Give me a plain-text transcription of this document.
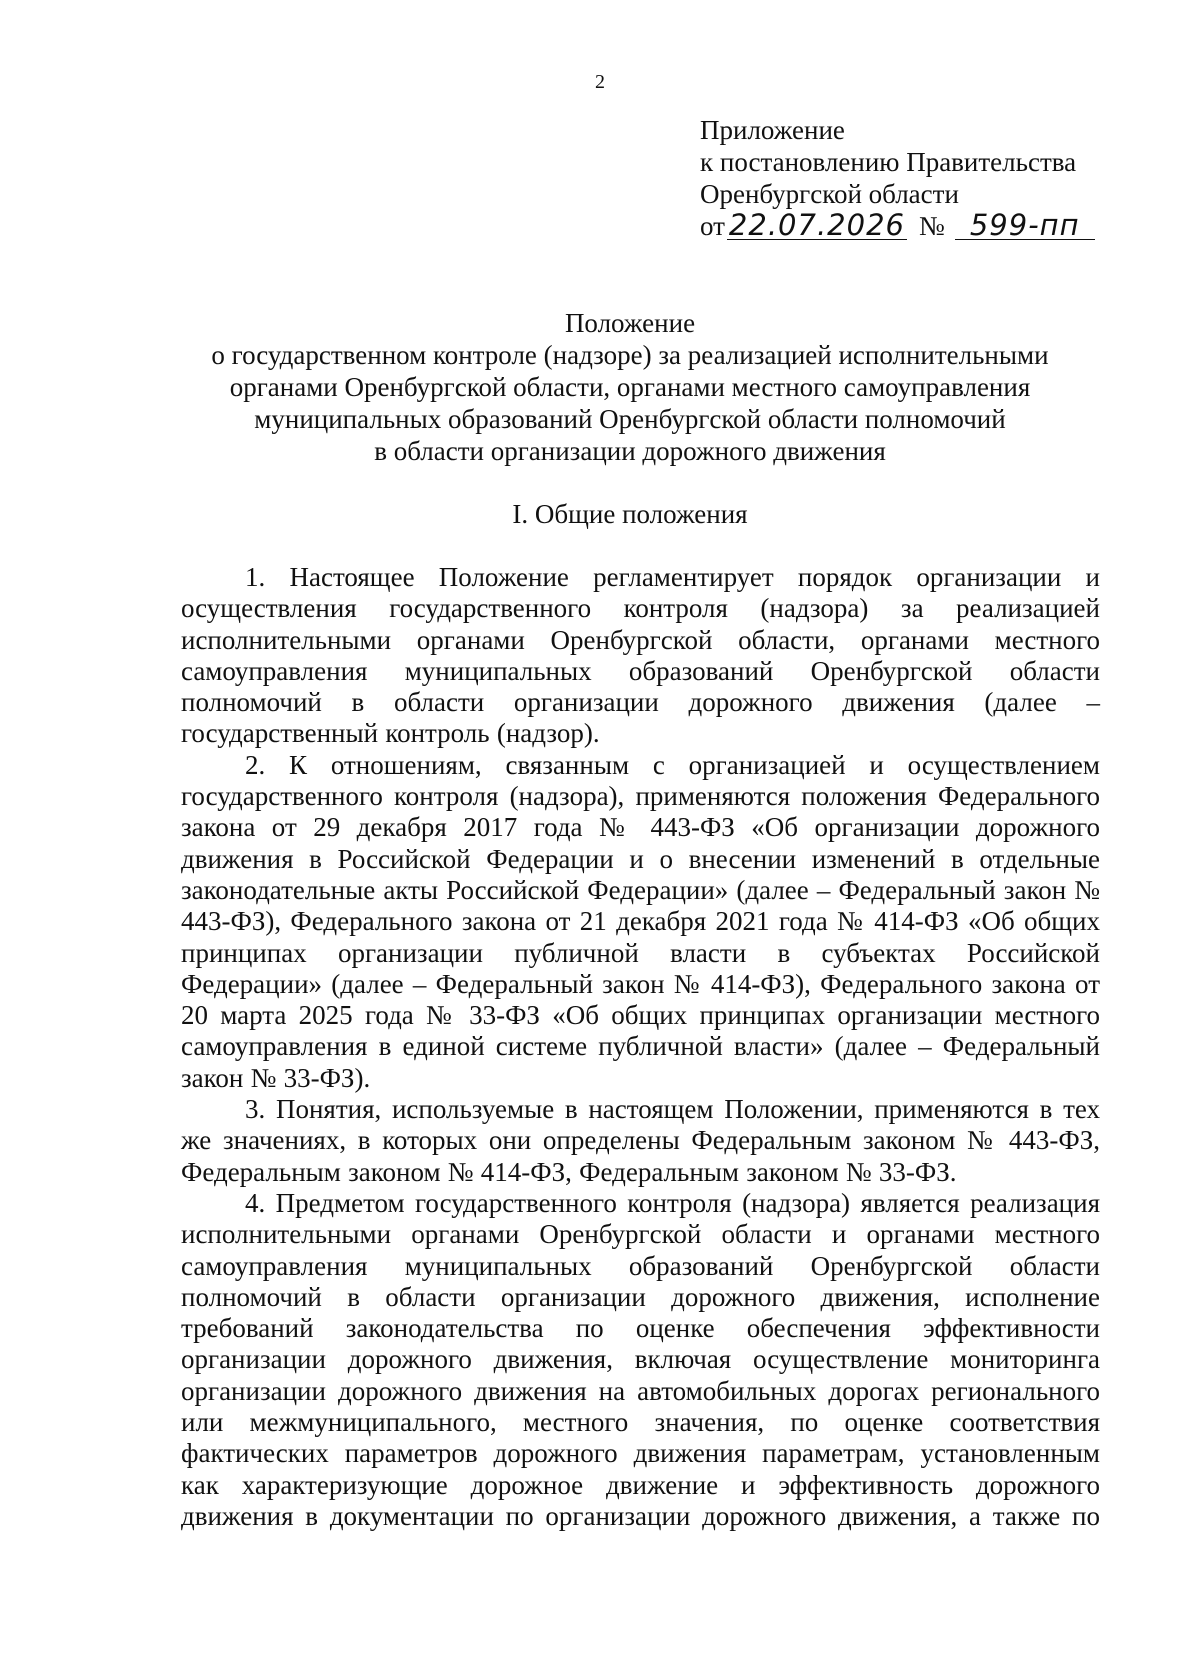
2
Приложение
к постановлению Правительства
Оренбургской области
от 22.07.2026 № 599-пп
Положение
о государственном контроле (надзоре) за реализацией исполнительными
органами Оренбургской области, органами местного самоуправления
муниципальных образований Оренбургской области полномочий
в области организации дорожного движения
I. Общие положения

1. Настоящее Положение регламентирует порядок организации и осуществления государственного контроля (надзора) за реализацией исполнительными органами Оренбургской области, органами местного самоуправления муниципальных образований Оренбургской области полномочий в области организации дорожного движения (далее – государственный контроль (надзор).

2. К отношениям, связанным с организацией и осуществлением государственного контроля (надзора), применяются положения Федерального закона от 29 декабря 2017 года № 443-ФЗ «Об организации дорожного движения в Российской Федерации и о внесении изменений в отдельные законодательные акты Российской Федерации» (далее – Федеральный закон № 443-ФЗ), Федерального закона от 21 декабря 2021 года № 414-ФЗ «Об общих принципах организации публичной власти в субъектах Российской Федерации» (далее – Федеральный закон № 414-ФЗ), Федерального закона от 20 марта 2025 года № 33-ФЗ «Об общих принципах организации местного самоуправления в единой системе публичной власти» (далее – Федеральный закон № 33-ФЗ).

3. Понятия, используемые в настоящем Положении, применяются в тех же значениях, в которых они определены Федеральным законом № 443-ФЗ, Федеральным законом № 414-ФЗ, Федеральным законом № 33-ФЗ.

4. Предметом государственного контроля (надзора) является реализация исполнительными органами Оренбургской области и органами местного самоуправления муниципальных образований Оренбургской области полномочий в области организации дорожного движения, исполнение требований законодательства по оценке обеспечения эффективности организации дорожного движения, включая осуществление мониторинга организации дорожного движения на автомобильных дорогах регионального или межмуниципального, местного значения, по оценке соответствия фактических параметров дорожного движения параметрам, установленным как характеризующие дорожное движение и эффективность дорожного движения в документации по организации дорожного движения, а также по
